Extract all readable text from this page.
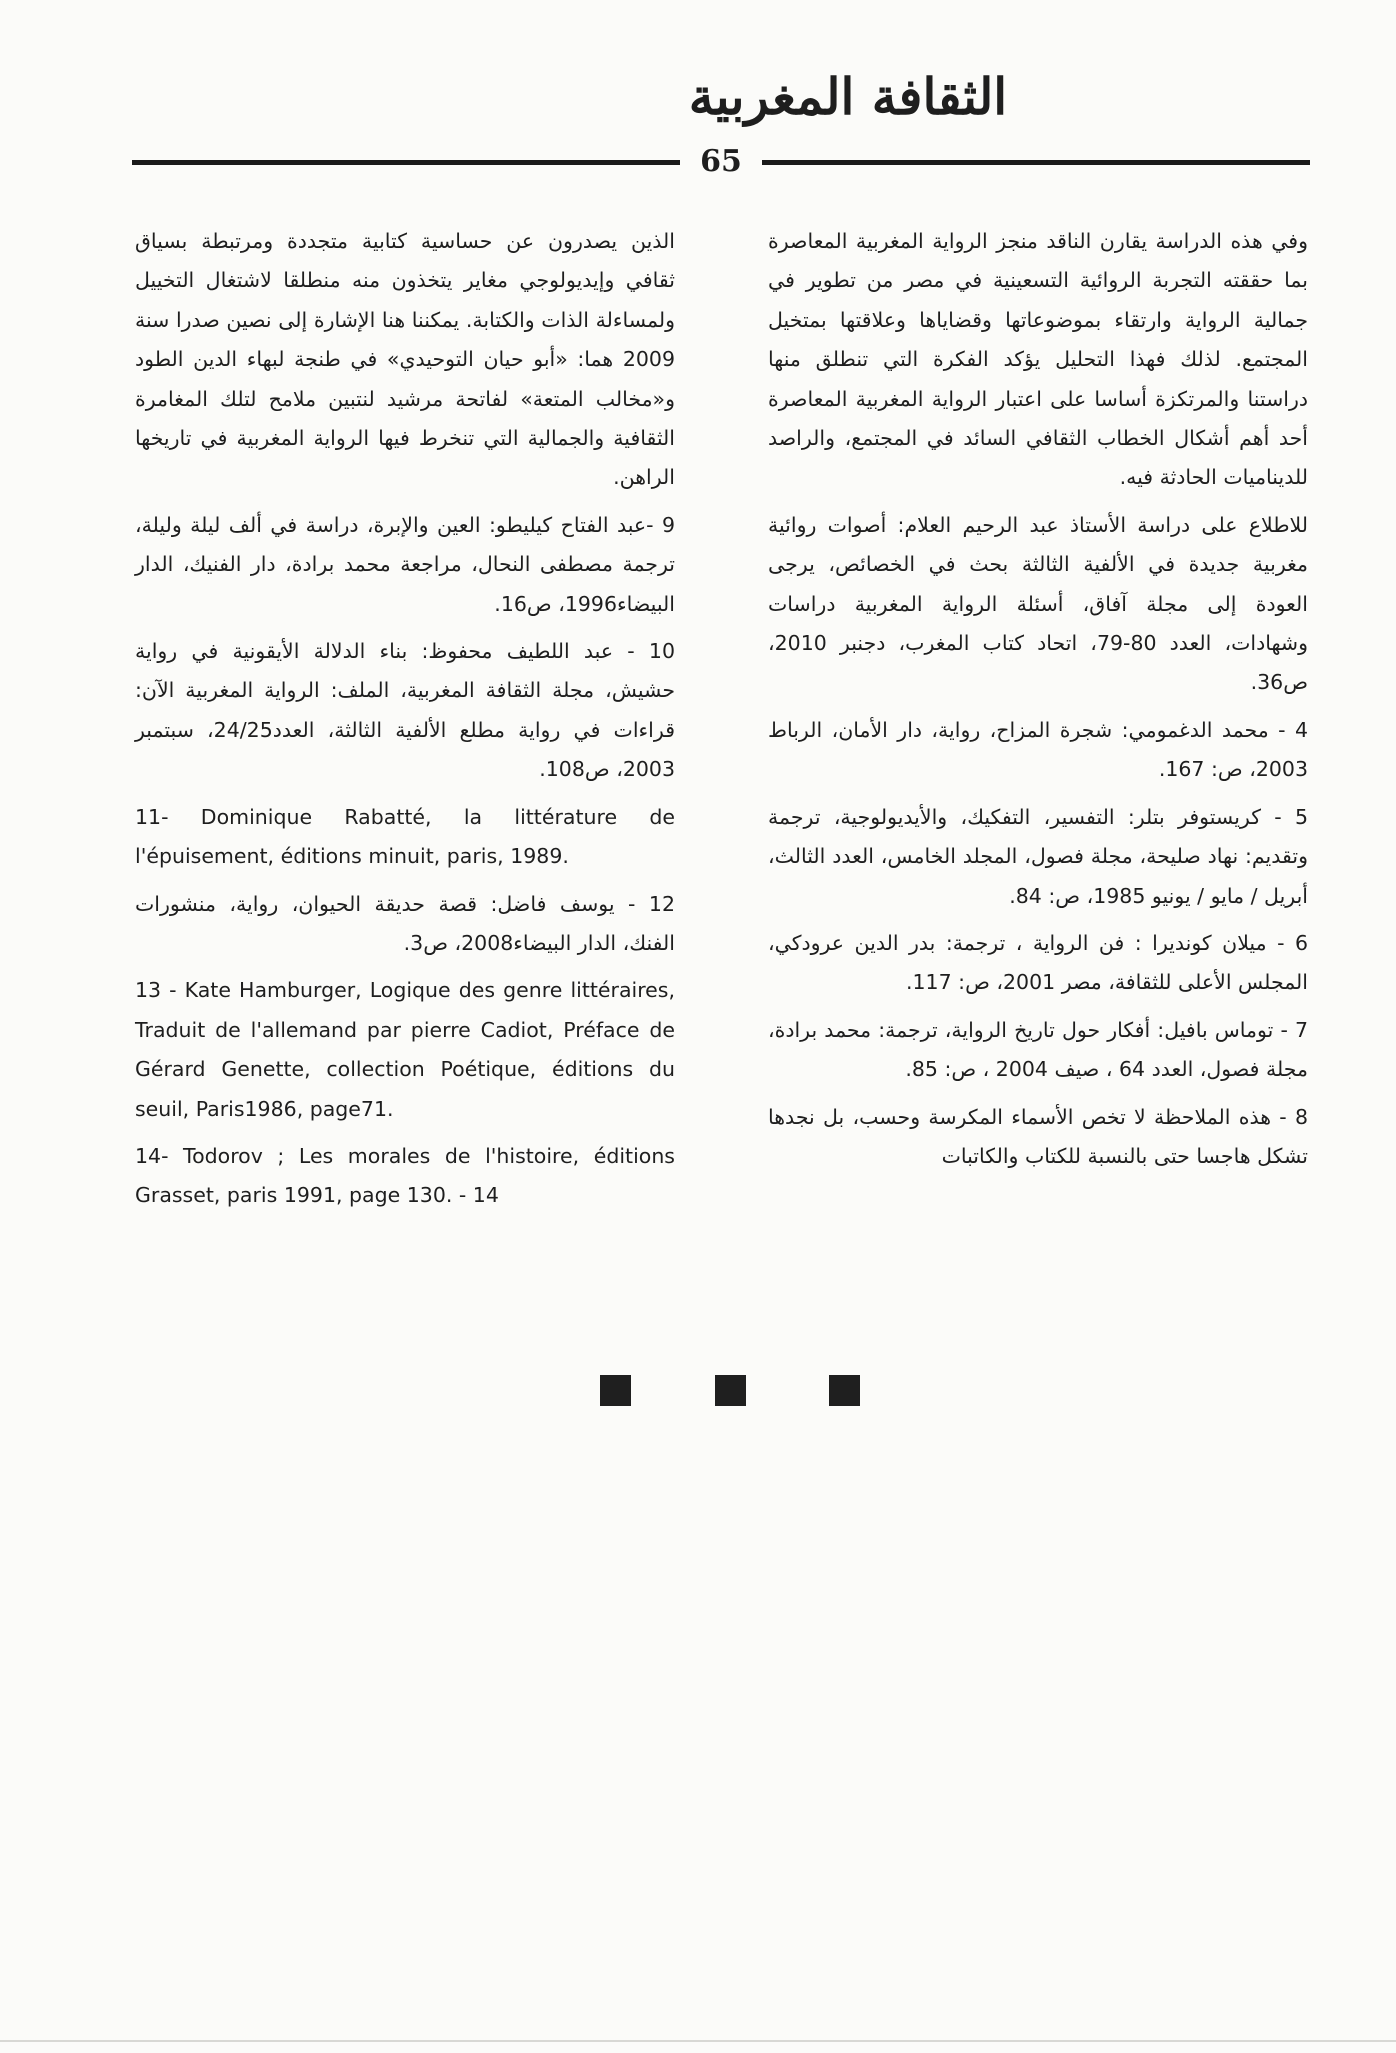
الثقافة المغربية
65

وفي هذه الدراسة يقارن الناقد منجز الرواية المغربية المعاصرة بما حققته التجربة الروائية التسعينية في مصر من تطوير في جمالية الرواية وارتقاء بموضوعاتها وقضاياها وعلاقتها بمتخيل المجتمع. لذلك فهذا التحليل يؤكد الفكرة التي تنطلق منها دراستنا والمرتكزة أساسا على اعتبار الرواية المغربية المعاصرة أحد أهم أشكال الخطاب الثقافي السائد في المجتمع، والراصد للديناميات الحادثة فيه.

للاطلاع على دراسة الأستاذ عبد الرحيم العلام: أصوات روائية مغربية جديدة في الألفية الثالثة بحث في الخصائص، يرجى العودة إلى مجلة آفاق، أسئلة الرواية المغربية دراسات وشهادات، العدد 80-79، اتحاد كتاب المغرب، دجنبر 2010، ص36.

4 - محمد الدغمومي: شجرة المزاح، رواية، دار الأمان، الرباط 2003، ص: 167.

5 - كريستوفر بتلر: التفسير، التفكيك، والأيديولوجية، ترجمة وتقديم: نهاد صليحة، مجلة فصول، المجلد الخامس، العدد الثالث، أبريل / مايو / يونيو 1985، ص: 84.

6 - ميلان كونديرا : فن الرواية ، ترجمة: بدر الدين عرودكي، المجلس الأعلى للثقافة، مصر 2001، ص: 117.

7 - توماس بافيل: أفكار حول تاريخ الرواية، ترجمة: محمد برادة، مجلة فصول، العدد 64 ، صيف 2004 ، ص: 85.

8 - هذه الملاحظة لا تخص الأسماء المكرسة وحسب، بل نجدها تشكل هاجسا حتى بالنسبة للكتاب والكاتبات

الذين يصدرون عن حساسية كتابية متجددة ومرتبطة بسياق ثقافي وإيديولوجي مغاير يتخذون منه منطلقا لاشتغال التخييل ولمساءلة الذات والكتابة. يمكننا هنا الإشارة إلى نصين صدرا سنة 2009 هما: «أبو حيان التوحيدي» في طنجة لبهاء الدين الطود و«مخالب المتعة» لفاتحة مرشيد لنتبين ملامح لتلك المغامرة الثقافية والجمالية التي تنخرط فيها الرواية المغربية في تاريخها الراهن.

9 -عبد الفتاح كيليطو: العين والإبرة، دراسة في ألف ليلة وليلة، ترجمة مصطفى النحال، مراجعة محمد برادة، دار الفنيك، الدار البيضاء1996، ص16.

10 - عبد اللطيف محفوظ: بناء الدلالة الأيقونية في رواية حشيش، مجلة الثقافة المغربية، الملف: الرواية المغربية الآن: قراءات في رواية مطلع الألفية الثالثة، العدد24/25، سبتمبر 2003، ص108.

11- Dominique Rabatté, la littérature de l'épuisement, éditions minuit, paris, 1989.

12 - يوسف فاضل: قصة حديقة الحيوان، رواية، منشورات الفنك، الدار البيضاء2008، ص3.

13 - Kate Hamburger, Logique des genre littéraires, Traduit de l'allemand par pierre Cadiot, Préface de Gérard Genette, collection Poétique, éditions du seuil, Paris1986, page71.

14- Todorov ; Les morales de l'histoire, éditions Grasset, paris 1991, page 130. - 14
